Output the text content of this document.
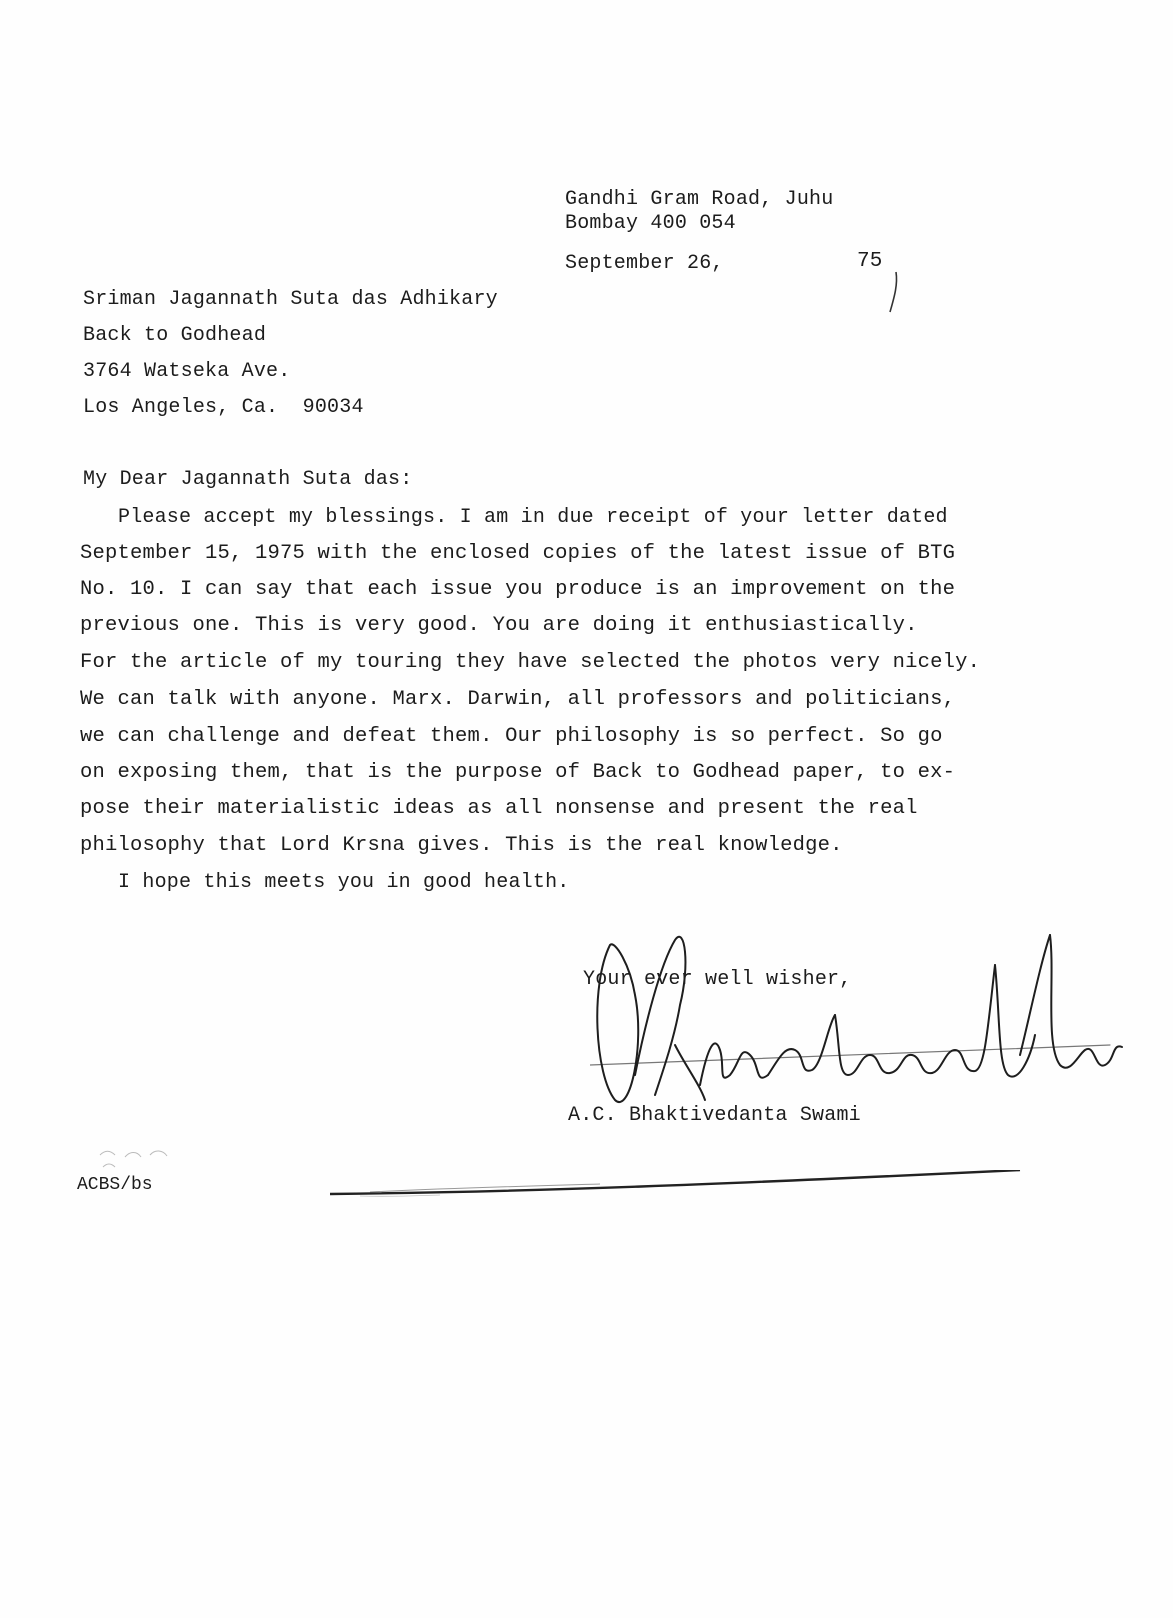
Gandhi Gram Road, Juhu
Bombay 400 054
September 26,	75
Sriman Jagannath Suta das Adhikary
Back to Godhead
3764 Watseka Ave.
Los Angeles, Ca.  90034
My Dear Jagannath Suta das:
Please accept my blessings. I am in due receipt of your letter dated
September 15, 1975 with the enclosed copies of the latest issue of BTG
No. 10. I can say that each issue you produce is an improvement on the
previous one. This is very good. You are doing it enthusiastically.
For the article of my touring they have selected the photos very nicely.
We can talk with anyone. Marx. Darwin, all professors and politicians,
we can challenge and defeat them. Our philosophy is so perfect. So go
on exposing them, that is the purpose of Back to Godhead paper, to ex-
pose their materialistic ideas as all nonsense and present the real
philosophy that Lord Krsna gives. This is the real knowledge.
I hope this meets you in good health.
Your ever well wisher,
A.C. Bhaktivedanta Swami
ACBS/bs
